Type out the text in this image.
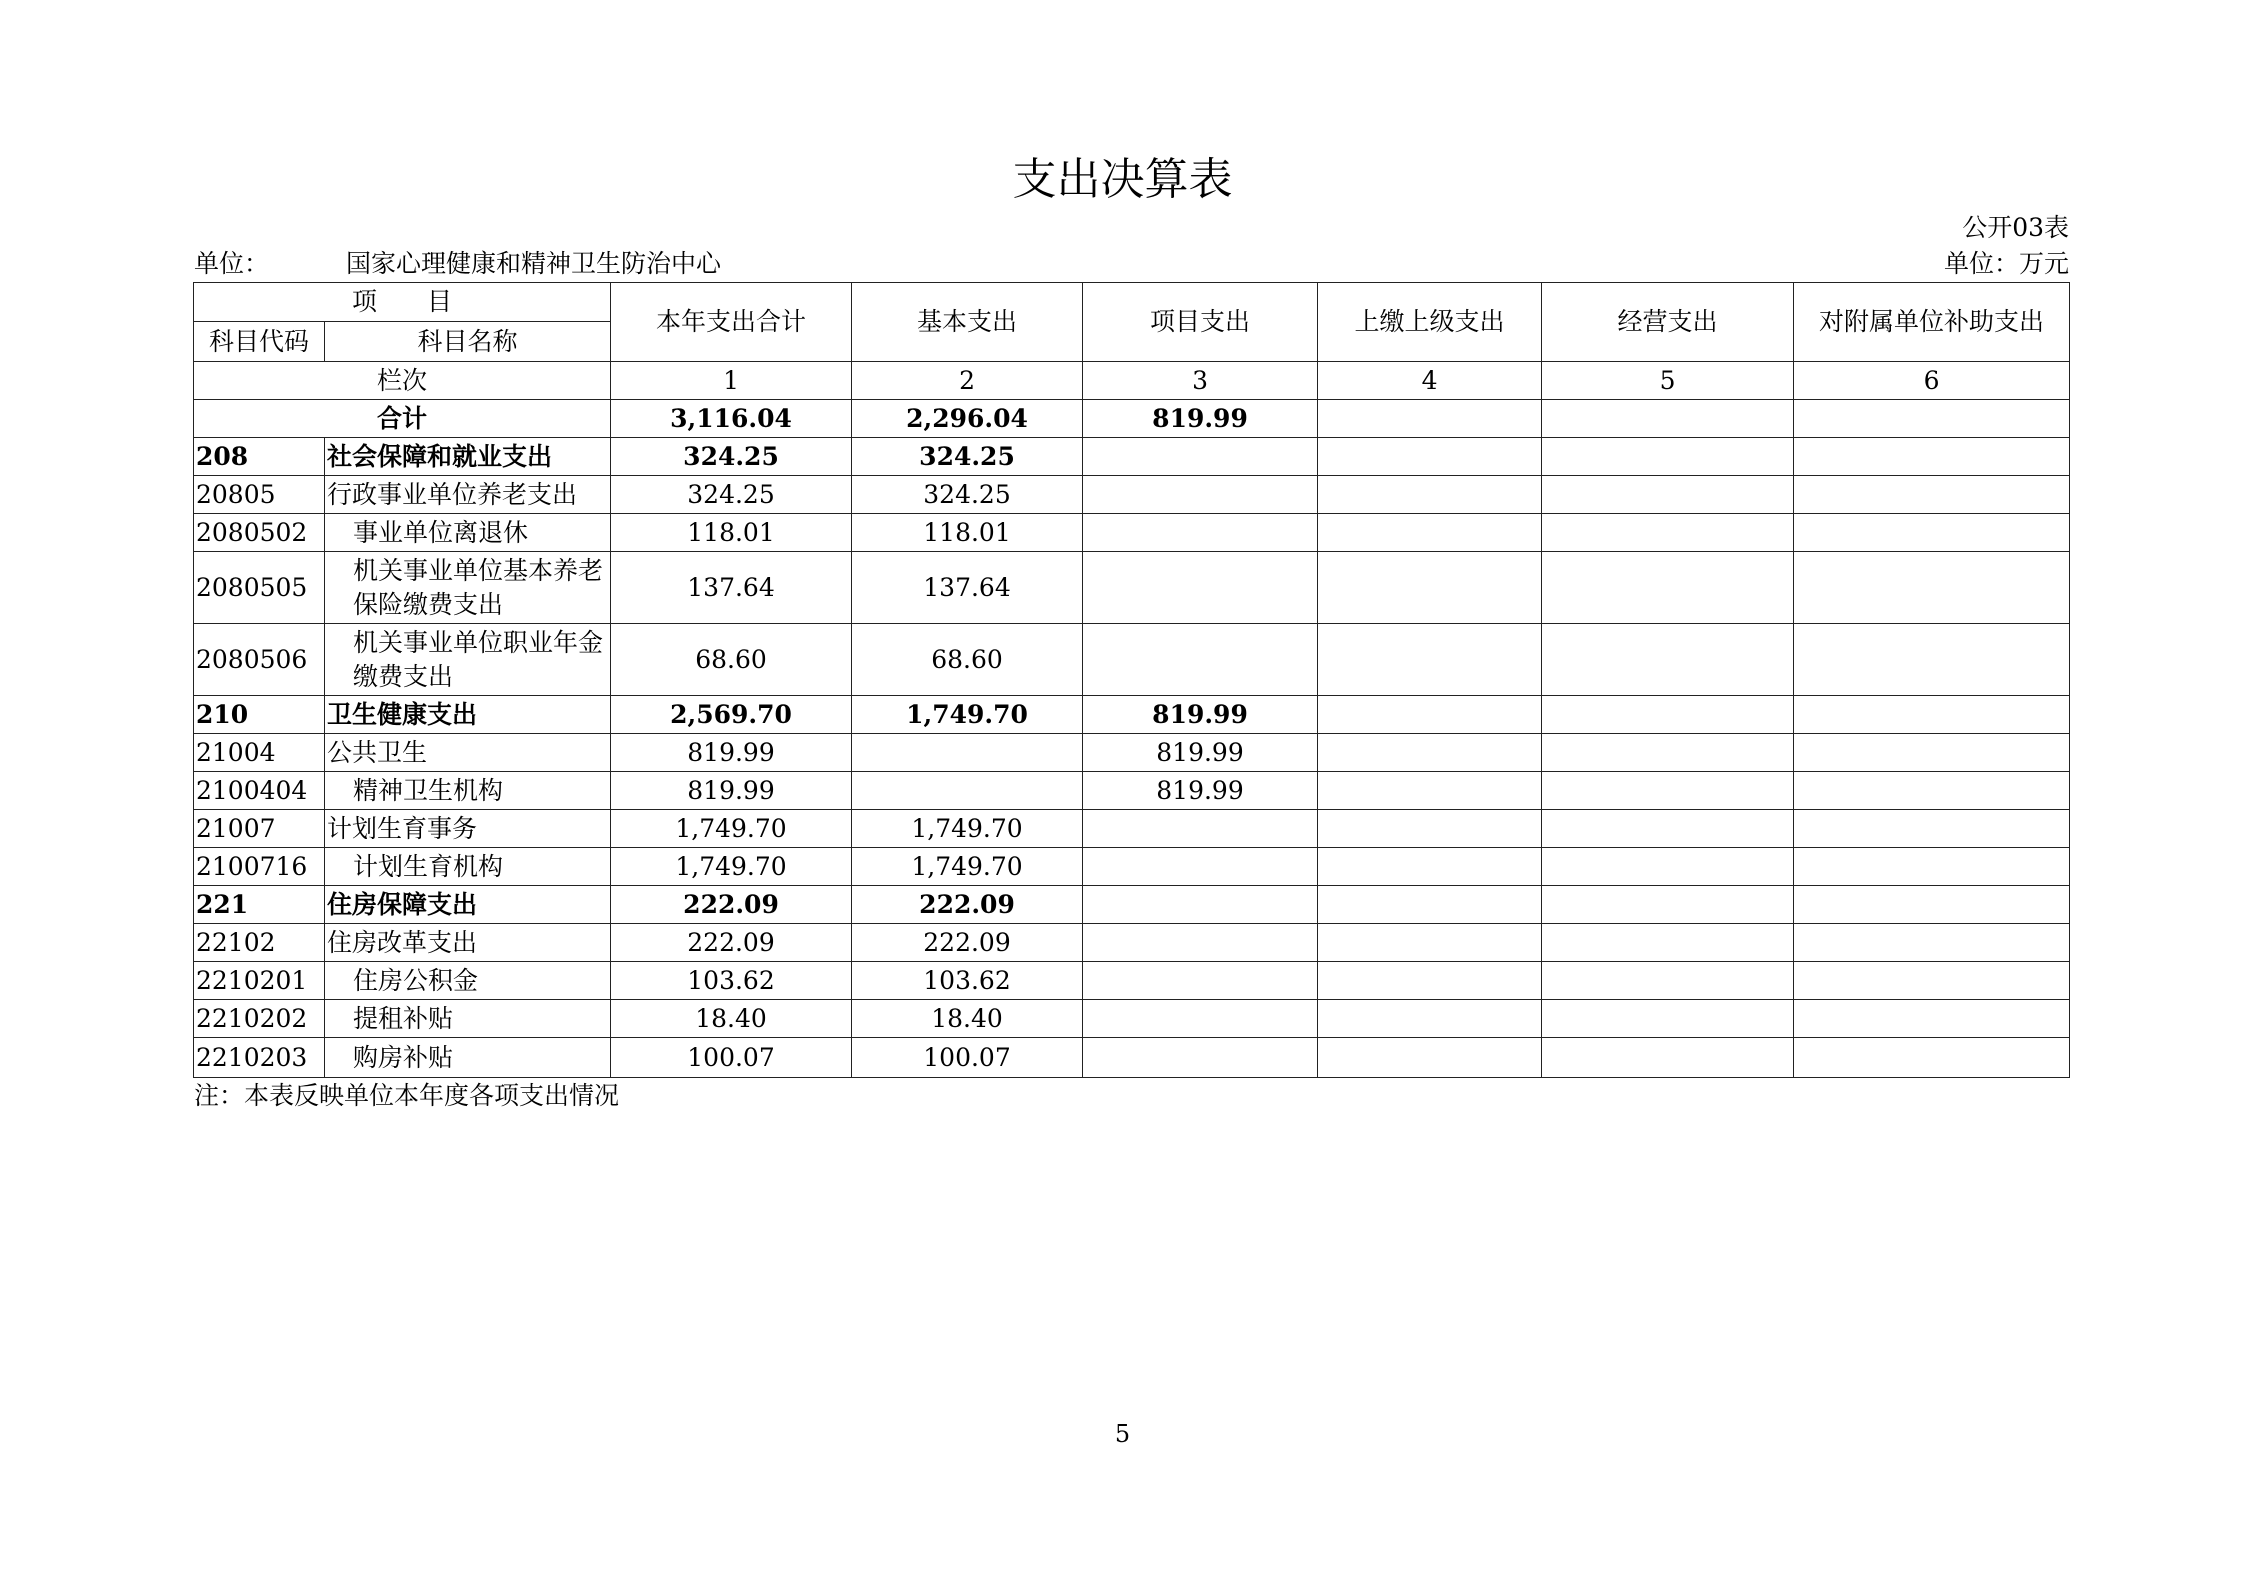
支出决算表
公开03表
单位：	国家心理健康和精神卫生防治中心	单位：万元
项　　目		本年支出合计	基本支出	项目支出	上缴上级支出	经营支出	对附属单位补助支出
科目代码	科目名称						
栏次		1	2	3	4	5	6
合计		3,116.04	2,296.04	819.99			
208	社会保障和就业支出	324.25	324.25				
20805	行政事业单位养老支出	324.25	324.25				
2080502	事业单位离退休	118.01	118.01				
2080505	机关事业单位基本养老保险缴费支出	137.64	137.64				
2080506	机关事业单位职业年金缴费支出	68.60	68.60				
210	卫生健康支出	2,569.70	1,749.70	819.99			
21004	公共卫生	819.99		819.99			
2100404	精神卫生机构	819.99		819.99			
21007	计划生育事务	1,749.70	1,749.70				
2100716	计划生育机构	1,749.70	1,749.70				
221	住房保障支出	222.09	222.09				
22102	住房改革支出	222.09	222.09				
2210201	住房公积金	103.62	103.62				
2210202	提租补贴	18.40	18.40				
2210203	购房补贴	100.07	100.07				
注：本表反映单位本年度各项支出情况
5
